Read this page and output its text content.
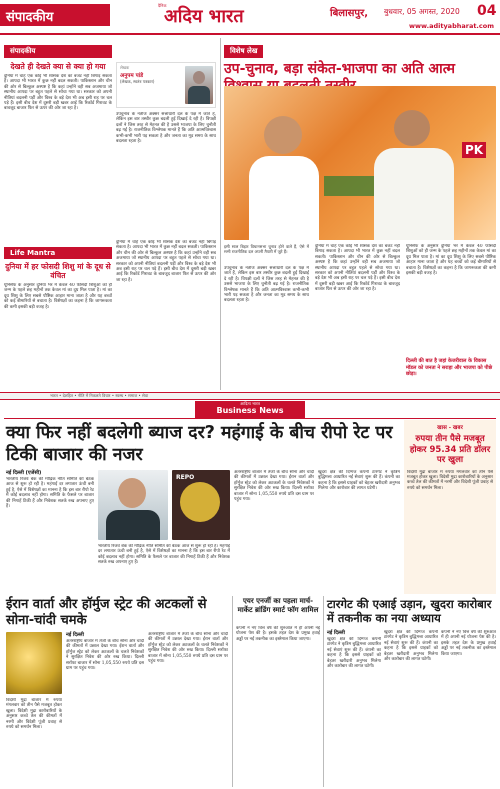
संपादकीय
दैनिक
अदिय भारत	बिलासपुर, बुधवार, 05 अगस्त, 2020 04
www.adityabharat.com
संपादकीय
देखते ही देखते क्या से क्या हो गया
दुनिया में चाहे एक कोई भी शासक देश का बजट नहीं बिगाड़ सकता है। आपदा भी भारत में कुछ नहीं बदल सकती। पाकिस्तान और चीन की ओर से बिल्कुल अस्पष्ट है कि कहां उन्होंने वही सब अजमाया जो स्थानीय आपदा पर बहुत पहले से सोचा गया था। सरकार को अपनी नीतियां बदलनी पड़ीं और विश्व के बड़े देश भी अब इसी राह पर चल पड़े हैं। इसी बीच देश में दूसरी बड़ी खबर आई कि रिकॉर्ड गिरावट के बावजूद बाजार फिर से ऊपर की ओर जा रहा है।
लेखक
अनुपम पांडे
(लेखक, स्वतंत्र पत्रकार)
उपचुनाव के नतीजे अक्सर सत्ताधारी दल के पक्ष में जाते हैं, लेकिन इस बार तस्वीर कुछ बदली हुई दिखाई दे रही है। विपक्षी दलों ने जिस तरह से मेहनत की है उससे भाजपा के लिए चुनौती बढ़ गई है। राजनीतिक विश्लेषक मानते हैं कि अति आत्मविश्वास कभी-कभी भारी पड़ सकता है और जनता का मूड समय के साथ बदलता रहता है।
Life Mantra
दुनिया में हर फोसदी शिशु मां के दूध से वंचित
यूनिसेफ के अनुसार दुनिया भर में केवल 40 फीसदी शिशुओं को ही जन्म के पहले छह महीनों तक केवल मां का दूध मिल पाता है। मां का दूध शिशु के लिए सबसे पौष्टिक आहार माना जाता है और यह बच्चों को कई बीमारियों से बचाता है। विशेषज्ञों का कहना है कि जागरूकता की कमी इसकी बड़ी वजह है।
दुनिया में चाहे एक कोई भी शासक देश का बजट नहीं बिगाड़ सकता है। आपदा भी भारत में कुछ नहीं बदल सकती। पाकिस्तान और चीन की ओर से बिल्कुल अस्पष्ट है कि कहां उन्होंने वही सब अजमाया जो स्थानीय आपदा पर बहुत पहले से सोचा गया था। सरकार को अपनी नीतियां बदलनी पड़ीं और विश्व के बड़े देश भी अब इसी राह पर चल पड़े हैं। इसी बीच देश में दूसरी बड़ी खबर आई कि रिकॉर्ड गिरावट के बावजूद बाजार फिर से ऊपर की ओर जा रहा है।
विशेष लेख
उप-चुनाव, बड़ा संकेत-भाजपा का अति आत्म
PK
इसी साल बिहार विधानसभा चुनाव होने वाले हैं, ऐसे में सभी राजनीतिक दल अपनी तैयारी में जुटे हैं।
उपचुनाव के नतीजे अक्सर सत्ताधारी दल के पक्ष में जाते हैं, लेकिन इस बार तस्वीर कुछ बदली हुई दिखाई दे रही है। विपक्षी दलों ने जिस तरह से मेहनत की है उससे भाजपा के लिए चुनौती बढ़ गई है। राजनीतिक विश्लेषक मानते हैं कि अति आत्मविश्वास कभी-कभी भारी पड़ सकता है और जनता का मूड समय के साथ बदलता रहता है।
दुनिया में चाहे एक कोई भी शासक देश का बजट नहीं बिगाड़ सकता है। आपदा भी भारत में कुछ नहीं बदल सकती। पाकिस्तान और चीन की ओर से बिल्कुल अस्पष्ट है कि कहां उन्होंने वही सब अजमाया जो स्थानीय आपदा पर बहुत पहले से सोचा गया था। सरकार को अपनी नीतियां बदलनी पड़ीं और विश्व के बड़े देश भी अब इसी राह पर चल पड़े हैं। इसी बीच देश में दूसरी बड़ी खबर आई कि रिकॉर्ड गिरावट के बावजूद बाजार फिर से ऊपर की ओर जा रहा है।
यूनिसेफ के अनुसार दुनिया भर में केवल 40 फीसदी शिशुओं को ही जन्म के पहले छह महीनों तक केवल मां का दूध मिल पाता है। मां का दूध शिशु के लिए सबसे पौष्टिक आहार माना जाता है और यह बच्चों को कई बीमारियों से बचाता है। विशेषज्ञों का कहना है कि जागरूकता की कमी इसकी बड़ी वजह है।
दिल्ली की बात है जहां केजरीवाल के विकास मॉडल को जनता ने सराहा और भाजपा को पीछे छोड़ा।
भारत • देशहित • नीति में निकलते विचार • स्वस्थ • समाज • सेवा
आदित्य भारत
Business News
क्या फिर नहीं बदलेगी ब्याज दर? महंगाई के बीच रीपो रेट पर टिकी बाजार की नजर
खास - खबर
रुपया तीन पैसे मजबूत होकर 95.34 प्रति डॉलर पर खुला
विदेशी मुद्रा बाजार में रुपया मंगलवार को तीन पैसे मजबूत होकर खुला। विदेशी मुद्रा कारोबारियों के अनुसार कच्चे तेल की कीमतों में नरमी और विदेशी पूंजी प्रवाह से रुपये को समर्थन मिला।
नई दिल्ली (एजेंसी)
भारतीय रिजर्व बैंक की मौद्रिक नीति समिति की बैठक आज से शुरू हो रही है। महंगाई दर लगातार ऊंची बनी हुई है, ऐसे में विशेषज्ञों का मानना है कि इस बार रीपो रेट में कोई बदलाव नहीं होगा। समिति के फैसले पर बाजार की निगाहें टिकी हैं और निवेशक सतर्क रुख अपनाए हुए हैं।
REPO
भारतीय रिजर्व बैंक की मौद्रिक नीति समिति की बैठक आज से शुरू हो रही है। महंगाई दर लगातार ऊंची बनी हुई है, ऐसे में विशेषज्ञों का मानना है कि इस बार रीपो रेट में कोई बदलाव नहीं होगा। समिति के फैसले पर बाजार की निगाहें टिकी हैं और निवेशक सतर्क रुख अपनाए हुए हैं।
अंतरराष्ट्रीय बाजार में तेजी के बीच सोना और चांदी की कीमतों में उछाल देखा गया। ईरान वार्ता और हॉर्मुज स्ट्रेट को लेकर अटकलों के चलते निवेशकों ने सुरक्षित निवेश की ओर रुख किया। दिल्ली सर्राफा बाजार में सोना 1,05,550 रुपये प्रति दस ग्राम पर पहुंच गया।
खुदरा क्षेत्र की दिग्गज कंपनी टारगेट ने कृत्रिम बुद्धिमत्ता आधारित नई सेवाएं शुरू की हैं। कंपनी का कहना है कि इससे ग्राहकों को बेहतर खरीदारी अनुभव मिलेगा और कारोबार की लागत घटेगी।
ईरान वार्ता और हॉर्मुज स्ट्रेट की अटकलों से सोना-चांदी चमके
नई दिल्ली
अंतरराष्ट्रीय बाजार में तेजी के बीच सोना और चांदी की कीमतों में उछाल देखा गया। ईरान वार्ता और हॉर्मुज स्ट्रेट को लेकर अटकलों के चलते निवेशकों ने सुरक्षित निवेश की ओर रुख किया। दिल्ली सर्राफा बाजार में सोना 1,05,550 रुपये प्रति दस ग्राम पर पहुंच गया।
अंतरराष्ट्रीय बाजार में तेजी के बीच सोना और चांदी की कीमतों में उछाल देखा गया। ईरान वार्ता और हॉर्मुज स्ट्रेट को लेकर अटकलों के चलते निवेशकों ने सुरक्षित निवेश की ओर रुख किया। दिल्ली सर्राफा बाजार में सोना 1,05,550 रुपये प्रति दस ग्राम पर पहुंच गया।
विदेशी मुद्रा बाजार में रुपया मंगलवार को तीन पैसे मजबूत होकर खुला। विदेशी मुद्रा कारोबारियों के अनुसार कच्चे तेल की कीमतों में नरमी और विदेशी पूंजी प्रवाह से रुपये को समर्थन मिला।
एयर एनर्जी का पहला मार्च-मार्केट ब्रांडिंग स्मार्ट फॉग शामिल
कंपनी ने नए वित्त वर्ष की शुरुआत में ही अपनी नई योजना पेश की है। इसके तहत देश के प्रमुख हवाई अड्डों पर नई तकनीक का इस्तेमाल किया जाएगा।
टारगेट की एआई उड़ान, खुदरा कारोबार में तकनीक का नया अध्याय
नई दिल्ली
खुदरा क्षेत्र की दिग्गज कंपनी टारगेट ने कृत्रिम बुद्धिमत्ता आधारित नई सेवाएं शुरू की हैं। कंपनी का कहना है कि इससे ग्राहकों को बेहतर खरीदारी अनुभव मिलेगा और कारोबार की लागत घटेगी।
खुदरा क्षेत्र की दिग्गज कंपनी टारगेट ने कृत्रिम बुद्धिमत्ता आधारित नई सेवाएं शुरू की हैं। कंपनी का कहना है कि इससे ग्राहकों को बेहतर खरीदारी अनुभव मिलेगा और कारोबार की लागत घटेगी।
कंपनी ने नए वित्त वर्ष की शुरुआत में ही अपनी नई योजना पेश की है। इसके तहत देश के प्रमुख हवाई अड्डों पर नई तकनीक का इस्तेमाल किया जाएगा।
